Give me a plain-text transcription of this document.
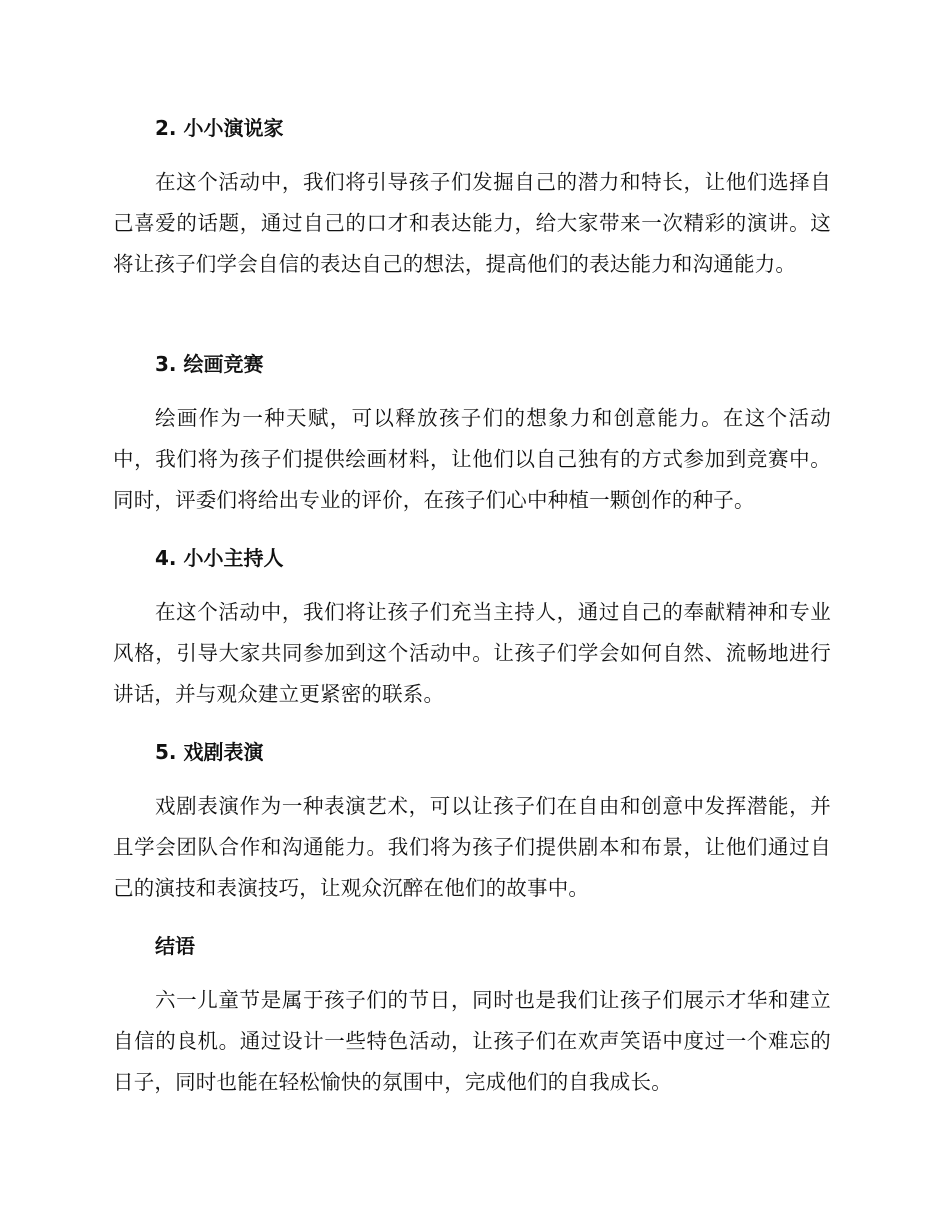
2. 小小演说家
在这个活动中，我们将引导孩子们发掘自己的潜力和特长，让他们选择自己喜爱的话题，通过自己的口才和表达能力，给大家带来一次精彩的演讲。这将让孩子们学会自信的表达自己的想法，提高他们的表达能力和沟通能力。
3. 绘画竞赛
绘画作为一种天赋，可以释放孩子们的想象力和创意能力。在这个活动中，我们将为孩子们提供绘画材料，让他们以自己独有的方式参加到竞赛中。同时，评委们将给出专业的评价，在孩子们心中种植一颗创作的种子。
4. 小小主持人
在这个活动中，我们将让孩子们充当主持人，通过自己的奉献精神和专业风格，引导大家共同参加到这个活动中。让孩子们学会如何自然、流畅地进行讲话，并与观众建立更紧密的联系。
5. 戏剧表演
戏剧表演作为一种表演艺术，可以让孩子们在自由和创意中发挥潜能，并且学会团队合作和沟通能力。我们将为孩子们提供剧本和布景，让他们通过自己的演技和表演技巧，让观众沉醉在他们的故事中。
结语
六一儿童节是属于孩子们的节日，同时也是我们让孩子们展示才华和建立自信的良机。通过设计一些特色活动，让孩子们在欢声笑语中度过一个难忘的日子，同时也能在轻松愉快的氛围中，完成他们的自我成长。
